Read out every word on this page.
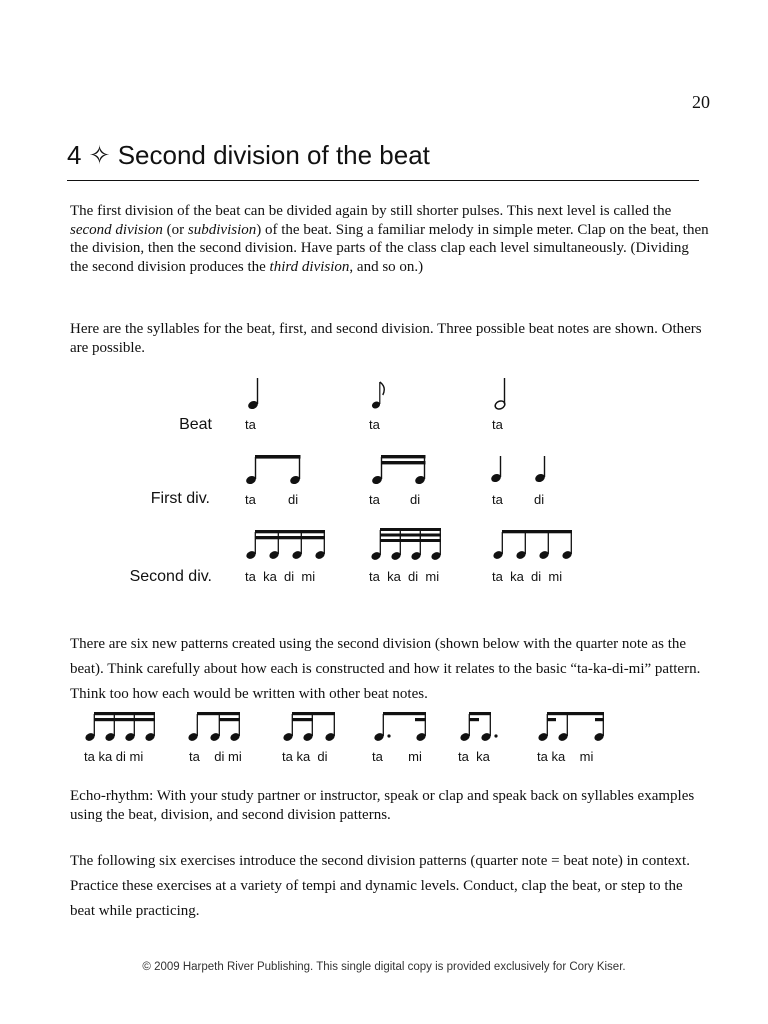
20
4 ✧ Second division of the beat
The first division of the beat can be divided again by still shorter pulses. This next level is called the second division (or subdivision) of the beat. Sing a familiar melody in simple meter. Clap on the beat, then the division, then the second division. Have parts of the class clap each level simultaneously. (Dividing the second division produces the third division, and so on.)
Here are the syllables for the beat, first, and second division. Three possible beat notes are shown. Others are possible.
Beat
First div.
Second div.
ta	ta	ta
ta di	ta di	ta di
ta  ka  di  mi	ta  ka  di  mi	ta  ka  di  mi
There are six new patterns created using the second division (shown below with the quarter note as the beat). Think carefully about how each is constructed and how it relates to the basic “ta-ka-di-mi” pattern. Think too how each would be written with other beat notes.
ta ka di mi	ta    di mi	ta ka  di	ta       mi	ta  ka	ta ka    mi
Echo-rhythm: With your study partner or instructor, speak or clap and speak back on syllables examples using the beat, division, and second division patterns.
The following six exercises introduce the second division patterns (quarter note = beat note) in context. Practice these exercises at a variety of tempi and dynamic levels. Conduct, clap the beat, or step to the beat while practicing.
© 2009 Harpeth River Publishing. This single digital copy is provided exclusively for Cory Kiser.
